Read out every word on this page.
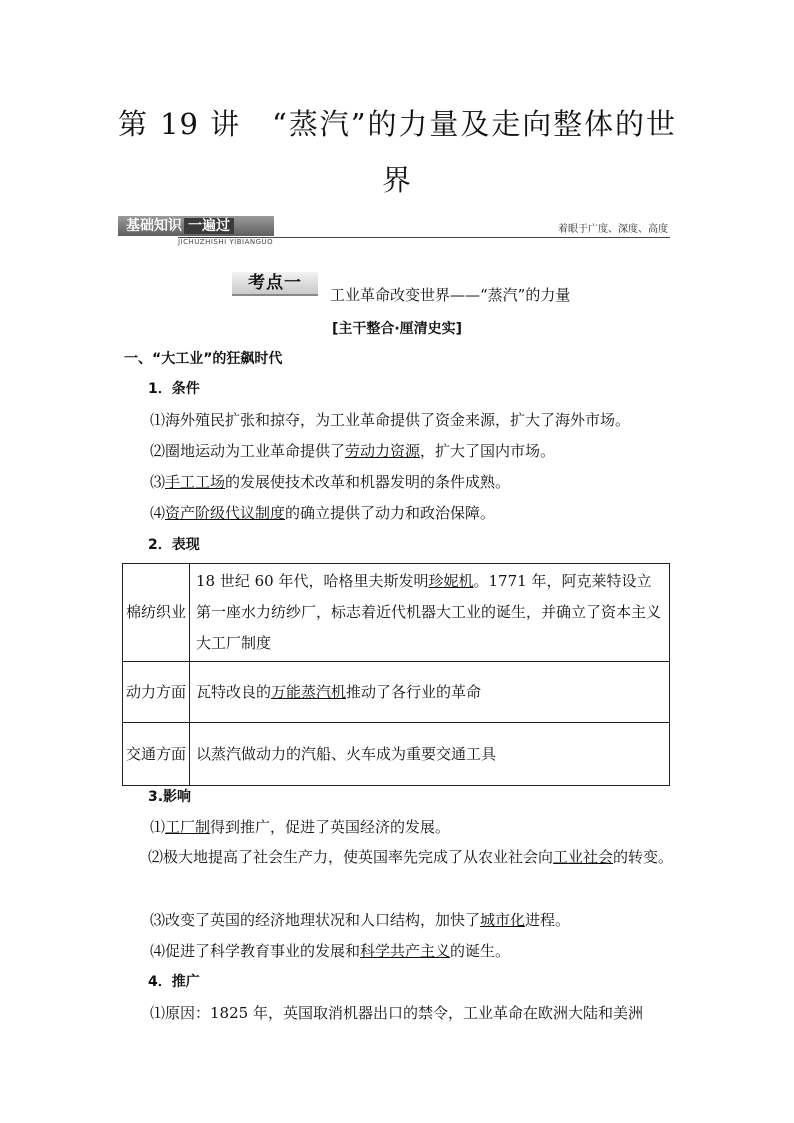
第 19 讲　“蒸汽”的力量及走向整体的世界
基础知识 一遍过
JICHUZHISHI YIBIANGUO
着眼于广度、深度、高度
考点一
工业革命改变世界——“蒸汽”的力量
[主干整合·厘清史实]
一、“大工业”的狂飙时代
1．条件
⑴海外殖民扩张和掠夺，为工业革命提供了资金来源，扩大了海外市场。
⑵圈地运动为工业革命提供了劳动力资源，扩大了国内市场。
⑶手工工场的发展使技术改革和机器发明的条件成熟。
⑷资产阶级代议制度的确立提供了动力和政治保障。
2．表现
棉纺织业	18 世纪 60 年代，哈格里夫斯发明珍妮机。1771 年，阿克莱特设立第一座水力纺纱厂，标志着近代机器大工业的诞生，并确立了资本主义大工厂制度
动力方面	瓦特改良的万能蒸汽机推动了各行业的革命
交通方面	以蒸汽做动力的汽船、火车成为重要交通工具
3.影响
⑴工厂制得到推广，促进了英国经济的发展。
⑵极大地提高了社会生产力，使英国率先完成了从农业社会向工业社会的转变。
⑶改变了英国的经济地理状况和人口结构，加快了城市化进程。
⑷促进了科学教育事业的发展和科学共产主义的诞生。
4．推广
⑴原因：1825 年，英国取消机器出口的禁令，工业革命在欧洲大陆和美洲
